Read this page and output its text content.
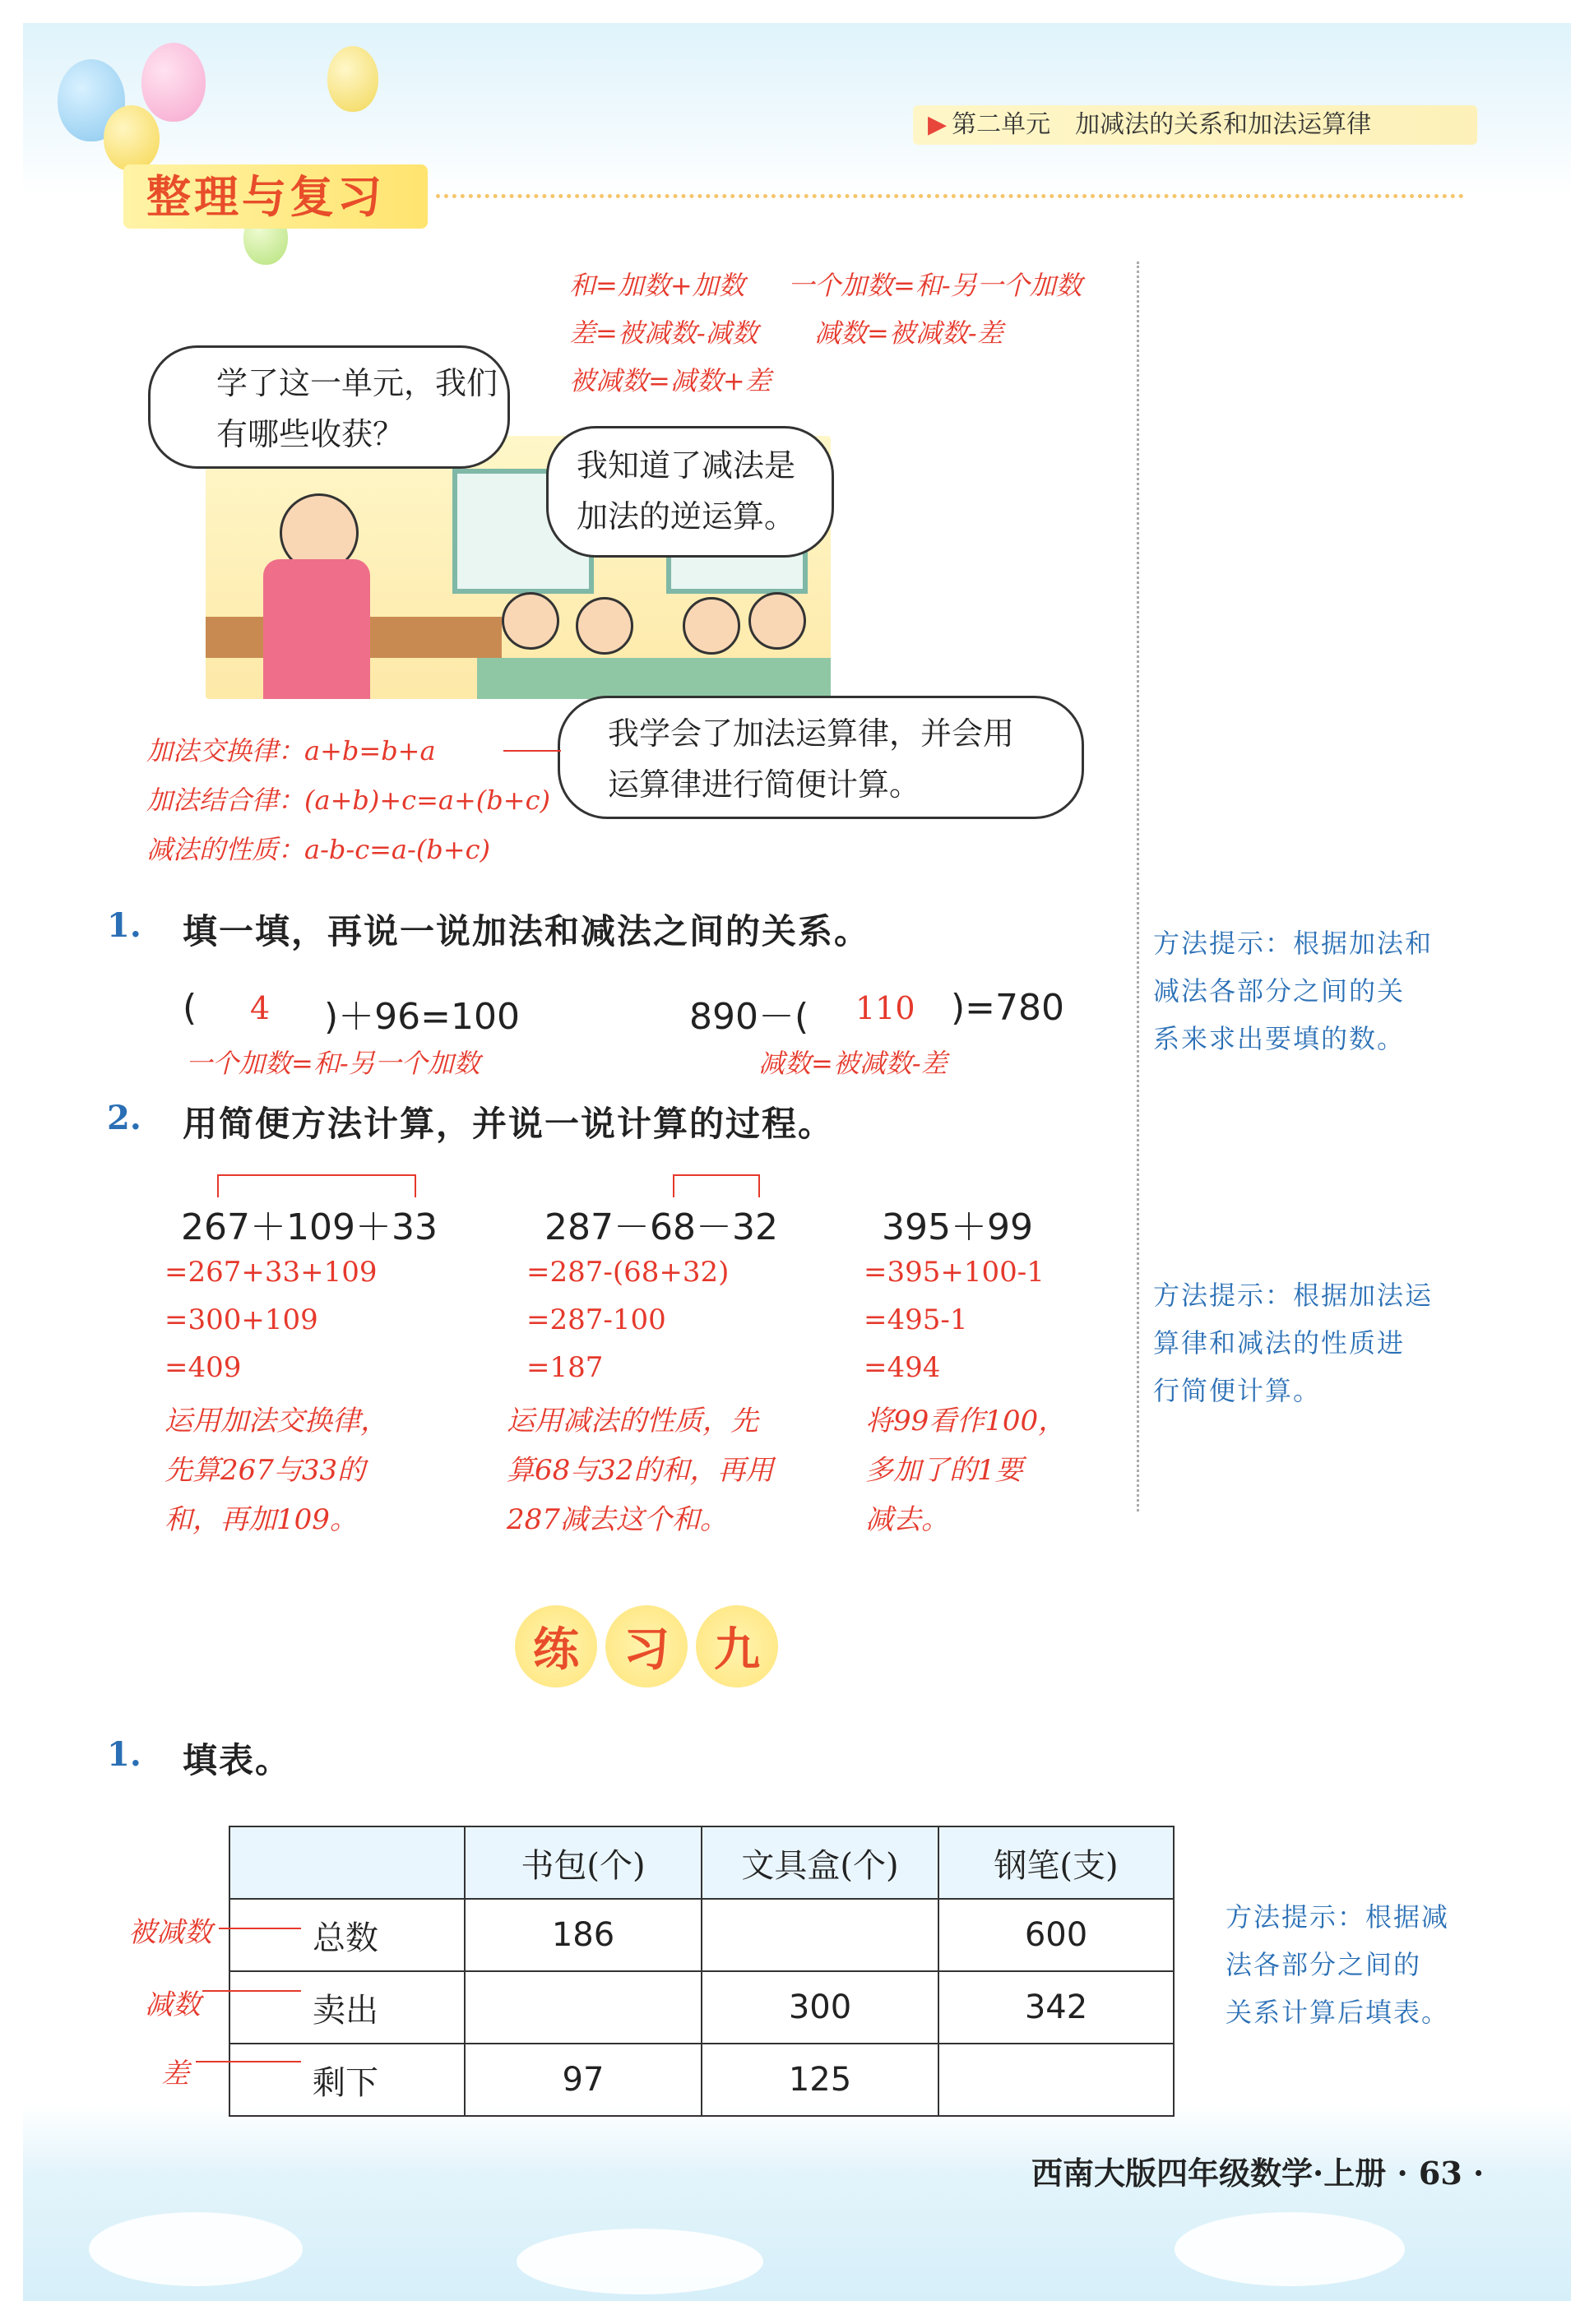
▶ 第二单元　加减法的关系和加法运算律
整理与复习
和=加数+加数 一个加数=和-另一个加数
差=被减数-减数 减数=被减数-差
被减数=减数+差
学了这一单元，我们
有哪些收获？
我知道了减法是
加法的逆运算。
我学会了加法运算律，并会用
运算律进行简便计算。
加法交换律：a+b=b+a
加法结合律：(a+b)+c=a+(b+c)
减法的性质：a-b-c=a-(b+c)
1. 填一填，再说一说加法和减法之间的关系。
( 4 )＋96=100
一个加数=和-另一个加数
890－( 110 )=780
减数=被减数-差
方法提示：根据加法和
减法各部分之间的关
系来求出要填的数。
2. 用简便方法计算，并说一说计算的过程。
267＋109＋33
=267+33+109
=300+109
=409
运用加法交换律，
先算267与33的
和，再加109。
287－68－32
=287-(68+32)
=287-100
=187
运用减法的性质，先
算68与32的和，再用
287减去这个和。
395＋99
=395+100-1
=495-1
=494
将99看作100，
多加了的1要
减去。
方法提示：根据加法运
算律和减法的性质进
行简便计算。
练 习 九
1. 填表。
	书包(个)	文具盒(个)	钢笔(支)
总数	186		600
卖出		300	342
剩下	97	125	
被减数
减数
差
方法提示：根据减
法各部分之间的
关系计算后填表。
西南大版四年级数学·上册 · 63 ·
